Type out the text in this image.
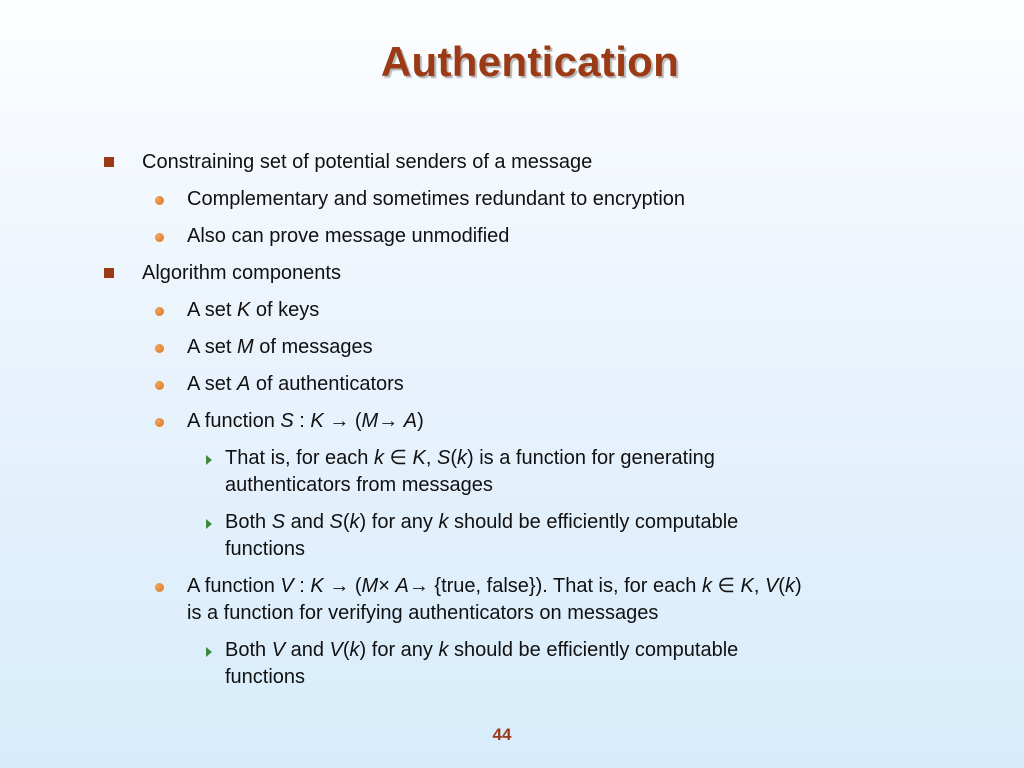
Authentication
Constraining set of potential senders of a message
Complementary and sometimes redundant to encryption
Also can prove message unmodified
Algorithm components
A set K of keys
A set M of messages
A set A of authenticators
A function S : K → (M→ A)
That is, for each k ∈ K, S(k) is a function for generating
authenticators from messages
Both S and S(k) for any k should be efficiently computable
functions
A function V : K → (M× A→ {true, false}). That is, for each k ∈ K, V(k)
is a function for verifying authenticators on messages
Both V and V(k) for any k should be efficiently computable
functions
44
